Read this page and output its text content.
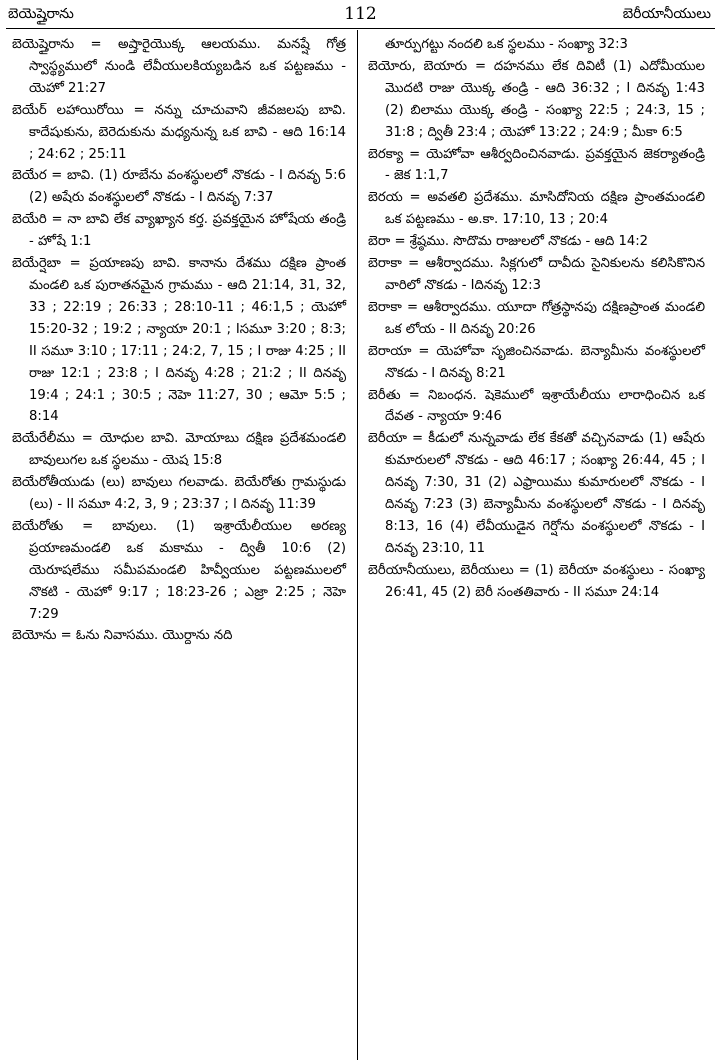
బెయెష్తైరాను	112	బెరీయానీయులు

బెయెష్తైరాను = అష్తారైయొక్క ఆలయము. మనష్షే గోత్ర స్వాస్థ్యములో నుండి లేవీయులకియ్యబడిన ఒక పట్టణము - యెహో 21:27

బెయేర్ లహాయిరోయి = నన్ను చూచువాని జీవజలపు బావి. కాదేషుకును, బెరెదుకును మధ్యనున్న ఒక బావి - ఆది 16:14 ; 24:62 ; 25:11

బెయేర = బావి. (1) రూబేను వంశస్థులలో నొకడు - I దినవృ 5:6 (2) అషేరు వంశస్థులలో నొకడు - I దినవృ 7:37

బెయేరి = నా బావి లేక వ్యాఖ్యాన కర్త. ప్రవక్తయైన హోషేయ తండ్రి - హోషే 1:1

బెయేర్షెబా = ప్రయాణపు బావి. కానాను దేశము దక్షిణ ప్రాంత మండలి ఒక పురాతనమైన గ్రామము - ఆది 21:14, 31, 32, 33 ; 22:19 ; 26:33 ; 28:10-11 ; 46:1,5 ; యెహో 15:20-32 ; 19:2 ; న్యాయా 20:1 ; Iసమూ 3:20 ; 8:3; II సమూ 3:10 ; 17:11 ; 24:2, 7, 15 ; I రాజు 4:25 ; II రాజు 12:1 ; 23:8 ; I దినవృ 4:28 ; 21:2 ; II దినవృ 19:4 ; 24:1 ; 30:5 ; నెహె 11:27, 30 ; ఆమో 5:5 ; 8:14

బెయేరేలీము = యోధుల బావి. మోయాబు దక్షిణ ప్రదేశమండలి బావులుగల ఒక స్థలము - యెష 15:8

బెయేరోతీయుడు (లు) బావులు గలవాడు. బెయేరోతు గ్రామస్థుడు (లు) - II సమూ 4:2, 3, 9 ; 23:37 ; I దినవృ 11:39

బెయేరోతు = బావులు. (1) ఇశ్రాయేలీయుల అరణ్య ప్రయాణమండలి ఒక మకాము - ద్వితీ 10:6 (2) యెరూషలేము సమీపమండలి హివ్వీయుల పట్టణములలో నొకటి - యెహో 9:17 ; 18:23-26 ; ఎజ్రా 2:25 ; నెహె 7:29

బెయోను = ఓను నివాసము. యొర్దాను నది

తూర్పుగట్టు నందలి ఒక స్థలము - సంఖ్యా 32:3

బెయోరు, బెయారు = దహనము లేక దివిటీ (1) ఎదోమీయుల మొదటి రాజు యొక్క తండ్రి - ఆది 36:32 ; I దినవృ 1:43 (2) బిలాము యొక్క తండ్రి - సంఖ్యా 22:5 ; 24:3, 15 ; 31:8 ; ద్వితీ 23:4 ; యెహో 13:22 ; 24:9 ; మీకా 6:5

బెరక్యా = యెహోవా ఆశీర్వదించినవాడు. ప్రవక్తయైన జెకర్యాతండ్రి - జెక 1:1,7

బెరయ = అవతలి ప్రదేశము. మాసిదోనియ దక్షిణ ప్రాంతమండలి ఒక పట్టణము - అ.కా. 17:10, 13 ; 20:4

బెరా = శ్రేష్ఠము. సొదొమ రాజులలో నొకడు - ఆది 14:2

బెరాకా = ఆశీర్వాదము. సిక్లగులో దావీదు సైనికులను కలిసికొనిన వారిలో నొకడు - Iదినవృ 12:3

బెరాకా = ఆశీర్వాదము. యూదా గోత్రస్థానపు దక్షిణప్రాంత మండలి ఒక లోయ - II దినవృ 20:26

బెరాయా = యెహోవా సృజించినవాడు. బెన్యామీను వంశస్థులలో నొకడు - I దినవృ 8:21

బెరీతు = నిబంధన. షెకెములో ఇశ్రాయేలీయు లారాధించిన ఒక దేవత - న్యాయా 9:46

బెరీయా = కీడులో నున్నవాడు లేక కేకతో వచ్చినవాడు (1) ఆషేరు కుమారులలో నొకడు - ఆది 46:17 ; సంఖ్యా 26:44, 45 ; I దినవృ 7:30, 31 (2) ఎఫ్రాయిము కుమారులలో నొకడు - I దినవృ 7:23 (3) బెన్యామీను వంశస్థులలో నొకడు - I దినవృ 8:13, 16 (4) లేవీయుడైన గెర్షోను వంశస్థులలో నొకడు - I దినవృ 23:10, 11

బెరీయానీయులు, బెరీయులు = (1) బెరీయా వంశస్థులు - సంఖ్యా 26:41, 45 (2) బెరీ సంతతివారు - II సమూ 24:14
